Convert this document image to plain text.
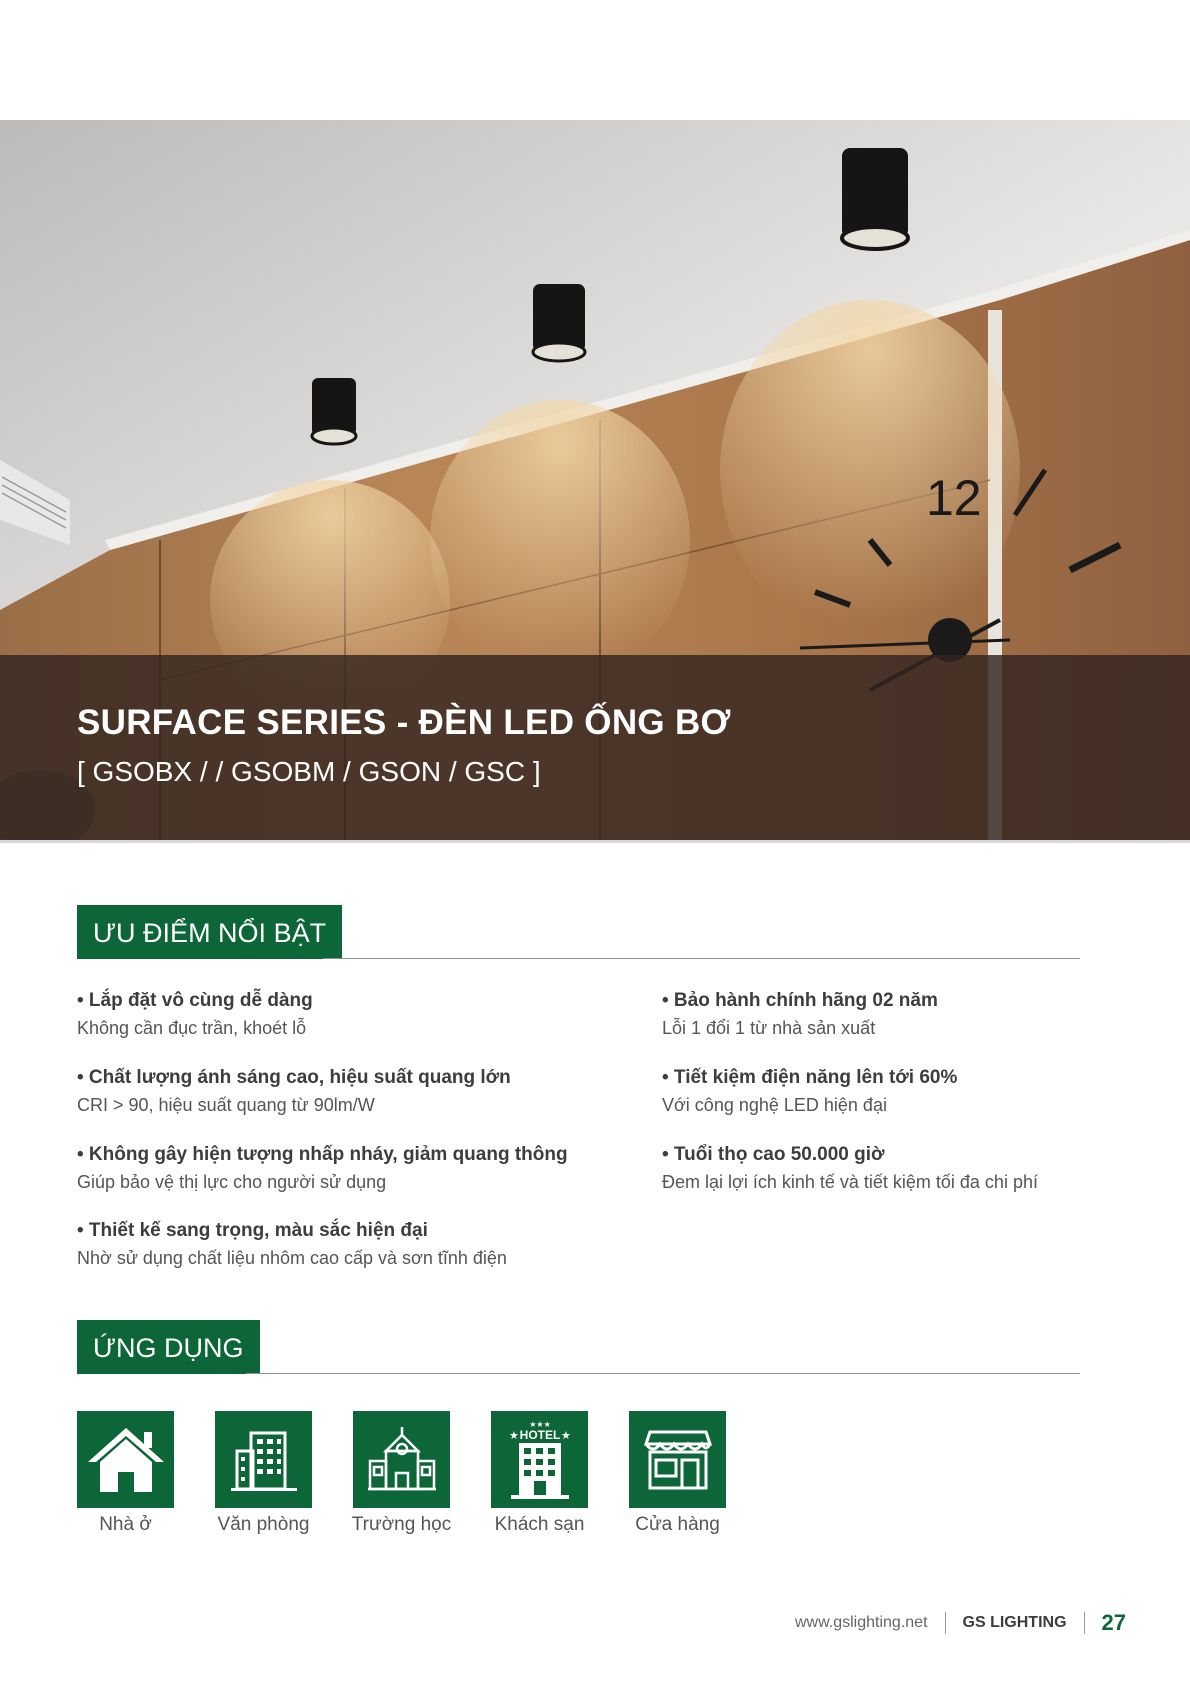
12
SURFACE SERIES - ĐÈN LED ỐNG BƠ
[ GSOBX / / GSOBM / GSON / GSC ]
ƯU ĐIỂM NỔI BẬT
• Lắp đặt vô cùng dễ dàng
Không cần đục trần, khoét lỗ
• Chất lượng ánh sáng cao, hiệu suất quang lớn
CRI > 90, hiệu suất quang từ 90lm/W
• Không gây hiện tượng nhấp nháy, giảm quang thông
Giúp bảo vệ thị lực cho người sử dụng
• Thiết kế sang trọng, màu sắc hiện đại
Nhờ sử dụng chất liệu nhôm cao cấp và sơn tĩnh điện
• Bảo hành chính hãng 02 năm
Lỗi 1 đổi 1 từ nhà sản xuất
• Tiết kiệm điện năng lên tới 60%
Với công nghệ LED hiện đại
• Tuổi thọ cao 50.000 giờ
Đem lại lợi ích kinh tế và tiết kiệm tối đa chi phí
ỨNG DỤNG
Nhà ở	Văn phòng	Trường học
★★★
HOTEL
★	★
Khách sạn	Cửa hàng
www.gslighting.net GS LIGHTING 27
